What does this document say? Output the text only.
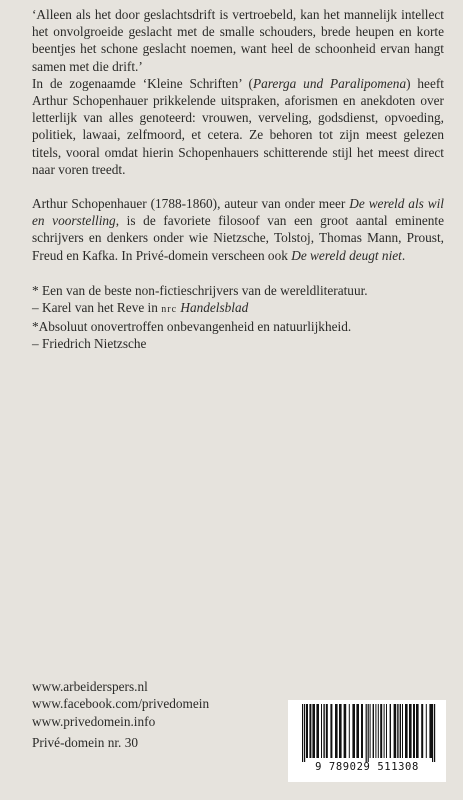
‘Alleen als het door geslachtsdrift is vertroebeld, kan het mannelijk intellect het onvolgroeide geslacht met de smalle schouders, brede heupen en korte beentjes het schone geslacht noemen, want heel de schoonheid ervan hangt samen met die drift.’

In de zogenaamde ‘Kleine Schriften’ (Parerga und Paralipomena) heeft Arthur Schopenhauer prikkelende uitspraken, aforismen en anekdoten over letterlijk van alles genoteerd: vrouwen, verveling, godsdienst, opvoeding, politiek, lawaai, zelfmoord, et cetera. Ze behoren tot zijn meest gelezen titels, vooral omdat hierin Schopenhauers schitterende stijl het meest direct naar voren treedt.

Arthur Schopenhauer (1788-1860), auteur van onder meer De wereld als wil en voorstelling, is de favoriete filosoof van een groot aantal eminente schrijvers en denkers onder wie Nietzsche, Tolstoj, Thomas Mann, Proust, Freud en Kafka. In Privé-domein verscheen ook De wereld deugt niet.

* Een van de beste non-fictieschrijvers van de wereldliteratuur.
– Karel van het Reve in nrc Handelsblad
*Absoluut onovertroffen onbevangenheid en natuurlijkheid.
– Friedrich Nietzsche
www.arbeiderspers.nl
www.facebook.com/privedomein
www.privedomein.info
Privé-domein nr. 30
9 789029 511308
